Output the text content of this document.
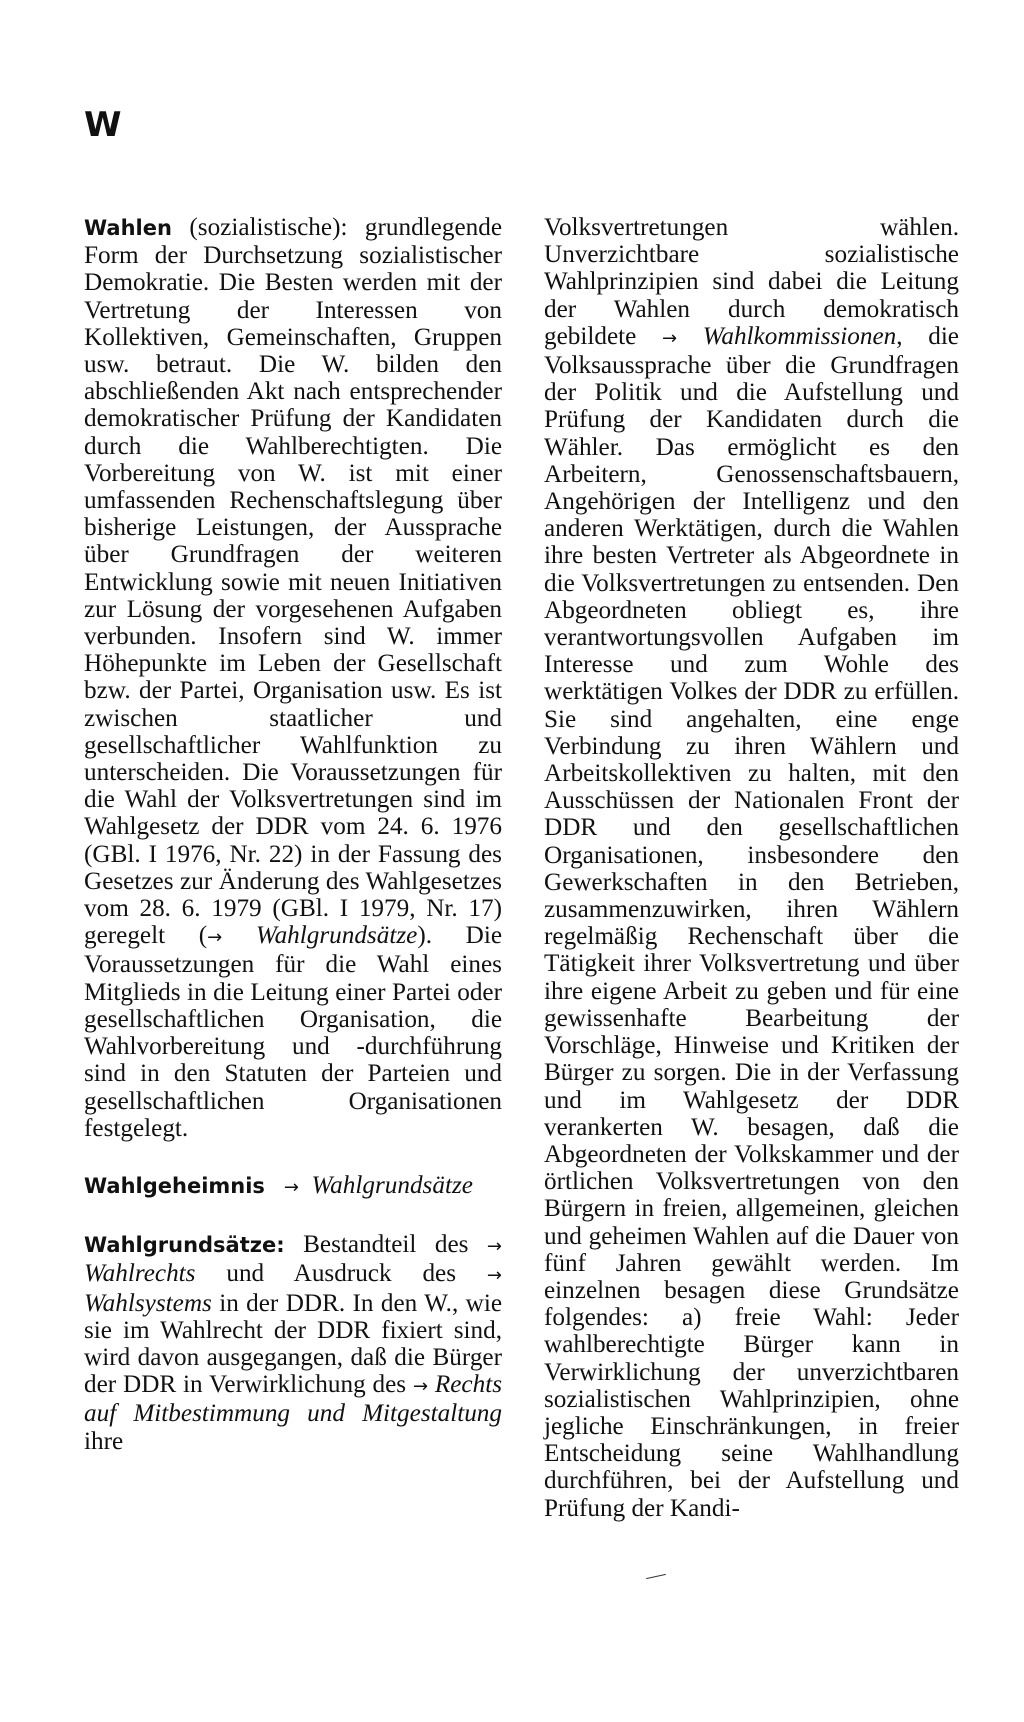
W

Wahlen (sozialistische): grundlegende Form der Durchsetzung sozialistischer Demokratie. Die Besten werden mit der Vertretung der Interessen von Kollektiven, Gemeinschaften, Gruppen usw. betraut. Die W. bilden den abschließenden Akt nach entsprechender demokratischer Prüfung der Kandidaten durch die Wahlberechtigten. Die Vorbereitung von W. ist mit einer umfassenden Rechenschaftslegung über bisherige Leistungen, der Aussprache über Grundfragen der weiteren Entwicklung sowie mit neuen Initiativen zur Lösung der vorgesehenen Aufgaben verbunden. Insofern sind W. immer Höhepunkte im Leben der Gesellschaft bzw. der Partei, Organisation usw. Es ist zwischen staatlicher und gesellschaftlicher Wahlfunktion zu unterscheiden. Die Voraussetzungen für die Wahl der Volksvertretungen sind im Wahlgesetz der DDR vom 24. 6. 1976 (GBl. I 1976, Nr. 22) in der Fassung des Gesetzes zur Änderung des Wahlgesetzes vom 28. 6. 1979 (GBl. I 1979, Nr. 17) geregelt (→ Wahlgrundsätze). Die Voraussetzungen für die Wahl eines Mitglieds in die Leitung einer Partei oder gesellschaftlichen Organisation, die Wahlvorbereitung und -durchführung sind in den Statuten der Parteien und gesellschaftlichen Organisationen festgelegt.

Wahlgeheimnis → Wahlgrundsätze

Wahlgrundsätze: Bestandteil des → Wahlrechts und Ausdruck des → Wahlsystems in der DDR. In den W., wie sie im Wahlrecht der DDR fixiert sind, wird davon ausgegangen, daß die Bürger der DDR in Verwirklichung des → Rechts auf Mitbestimmung und Mitgestaltung ihre

Volksvertretungen wählen. Unverzichtbare sozialistische Wahlprinzipien sind dabei die Leitung der Wahlen durch demokratisch gebildete → Wahlkommissionen, die Volksaussprache über die Grundfragen der Politik und die Aufstellung und Prüfung der Kandidaten durch die Wähler. Das ermöglicht es den Arbeitern, Genossenschaftsbauern, Angehörigen der Intelligenz und den anderen Werktätigen, durch die Wahlen ihre besten Vertreter als Abgeordnete in die Volksvertretungen zu entsenden. Den Abgeordneten obliegt es, ihre verantwortungsvollen Aufgaben im Interesse und zum Wohle des werktätigen Volkes der DDR zu erfüllen. Sie sind angehalten, eine enge Verbindung zu ihren Wählern und Arbeitskollektiven zu halten, mit den Ausschüssen der Nationalen Front der DDR und den gesellschaftlichen Organisationen, insbesondere den Gewerkschaften in den Betrieben, zusammenzuwirken, ihren Wählern regelmäßig Rechenschaft über die Tätigkeit ihrer Volksvertretung und über ihre eigene Arbeit zu geben und für eine gewissenhafte Bearbeitung der Vorschläge, Hinweise und Kritiken der Bürger zu sorgen. Die in der Verfassung und im Wahlgesetz der DDR verankerten W. besagen, daß die Abgeordneten der Volkskammer und der örtlichen Volksvertretungen von den Bürgern in freien, allgemeinen, gleichen und geheimen Wahlen auf die Dauer von fünf Jahren gewählt werden. Im einzelnen besagen diese Grundsätze folgendes: a) freie Wahl: Jeder wahlberechtigte Bürger kann in Verwirklichung der unverzichtbaren sozialistischen Wahlprinzipien, ohne jegliche Einschränkungen, in freier Entscheidung seine Wahlhandlung durchführen, bei der Aufstellung und Prüfung der Kandi-
